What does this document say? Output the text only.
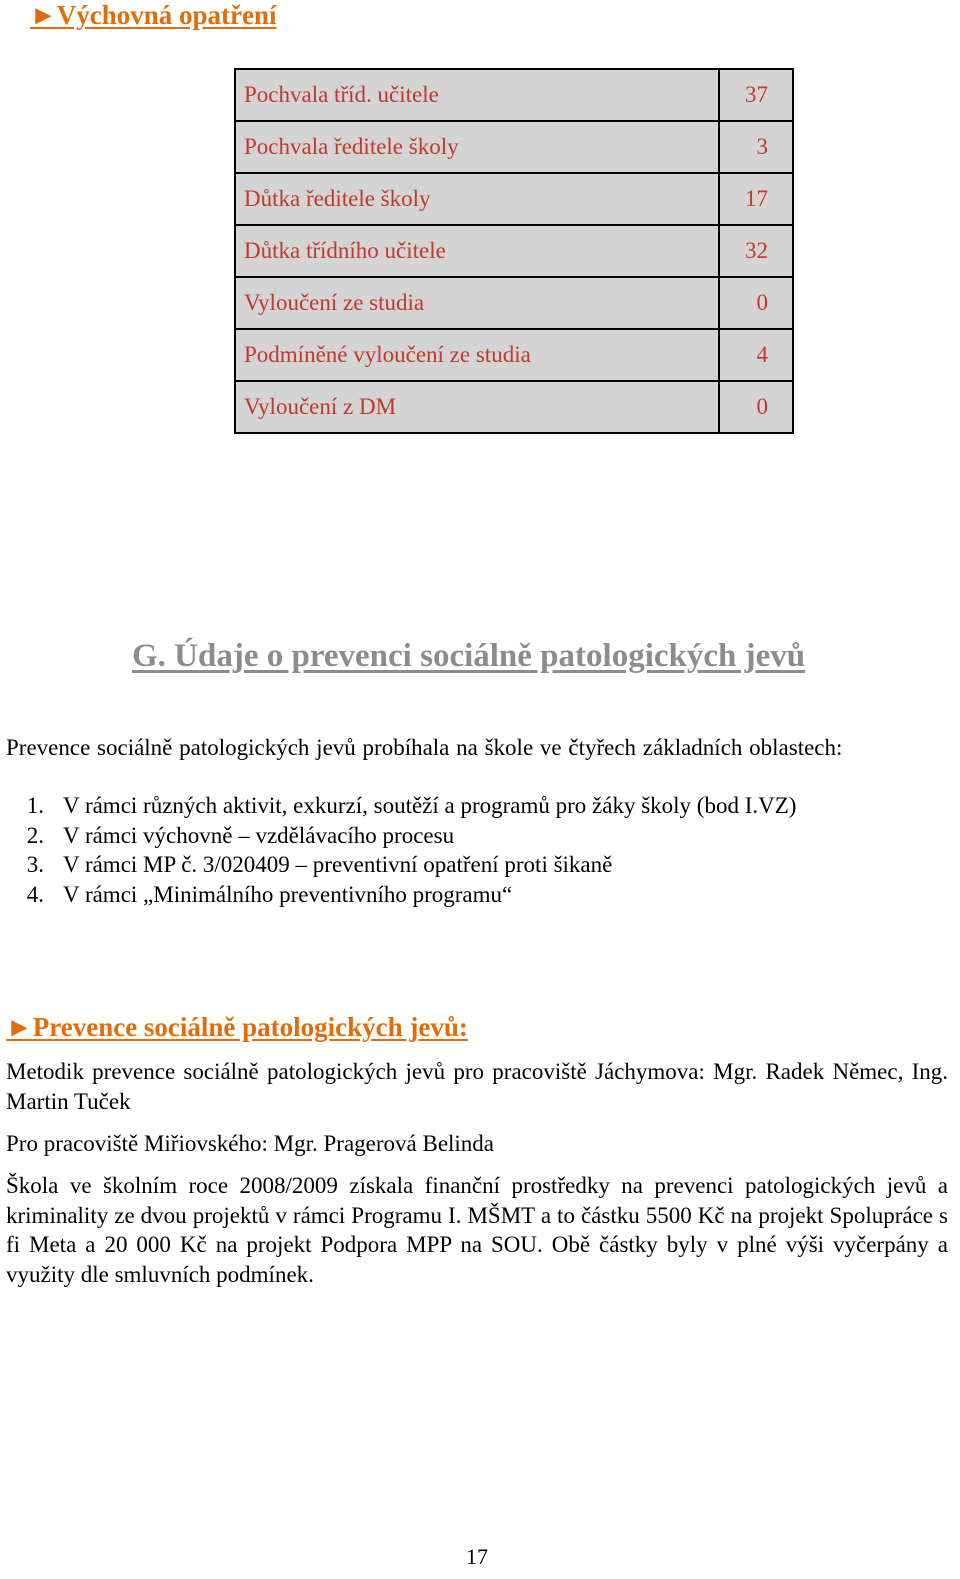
►Výchovná opatření
Pochvala tříd. učitele	37
Pochvala ředitele školy	3
Důtka ředitele školy	17
Důtka třídního učitele	32
Vyloučení ze studia	0
Podmíněné vyloučení ze studia	4
Vyloučení z DM	0
G. Údaje o prevenci sociálně patologických jevů
Prevence sociálně patologických jevů probíhala na škole ve čtyřech základních oblastech:
1. V rámci různých aktivit, exkurzí, soutěží a programů pro žáky školy (bod I.VZ)
2. V rámci výchovně – vzdělávacího procesu
3. V rámci MP č. 3/020409 – preventivní opatření proti šikaně
4. V rámci „Minimálního preventivního programu“
►Prevence sociálně patologických jevů:
Metodik prevence sociálně patologických jevů pro pracoviště Jáchymova: Mgr. Radek Němec, Ing. Martin Tuček
Pro pracoviště Miřiovského: Mgr. Pragerová Belinda
Škola ve školním roce 2008/2009 získala finanční prostředky na prevenci patologických jevů a kriminality ze dvou projektů v rámci Programu I. MŠMT a to částku 5500 Kč na projekt Spolupráce s fi Meta a 20 000 Kč na projekt Podpora MPP na SOU. Obě částky byly v plné výši vyčerpány a využity dle smluvních podmínek.
17
